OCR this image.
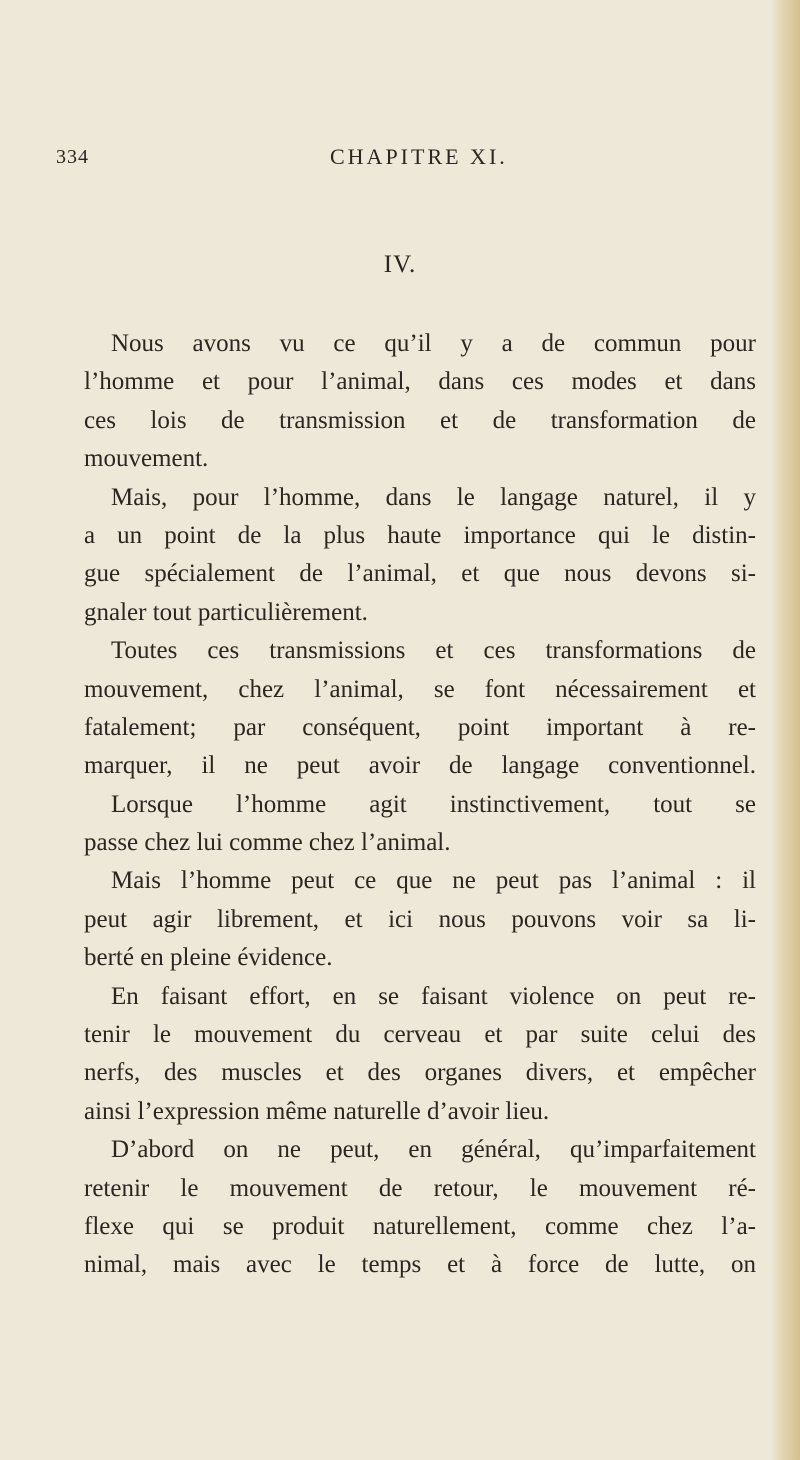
334	CHAPITRE XI.
IV.
Nous avons vu ce qu’il y a de commun pour
l’homme et pour l’animal, dans ces modes et dans
ces lois de transmission et de transformation de
mouvement.
Mais, pour l’homme, dans le langage naturel, il y
a un point de la plus haute importance qui le distin-
gue spécialement de l’animal, et que nous devons si-
gnaler tout particulièrement.
Toutes ces transmissions et ces transformations de
mouvement, chez l’animal, se font nécessairement et
fatalement; par conséquent, point important à re-
marquer, il ne peut avoir de langage conventionnel.
Lorsque l’homme agit instinctivement, tout se
passe chez lui comme chez l’animal.
Mais l’homme peut ce que ne peut pas l’animal : il
peut agir librement, et ici nous pouvons voir sa li-
berté en pleine évidence.
En faisant effort, en se faisant violence on peut re-
tenir le mouvement du cerveau et par suite celui des
nerfs, des muscles et des organes divers, et empêcher
ainsi l’expression même naturelle d’avoir lieu.
D’abord on ne peut, en général, qu’imparfaitement
retenir le mouvement de retour, le mouvement ré-
flexe qui se produit naturellement, comme chez l’a-
nimal, mais avec le temps et à force de lutte, on
